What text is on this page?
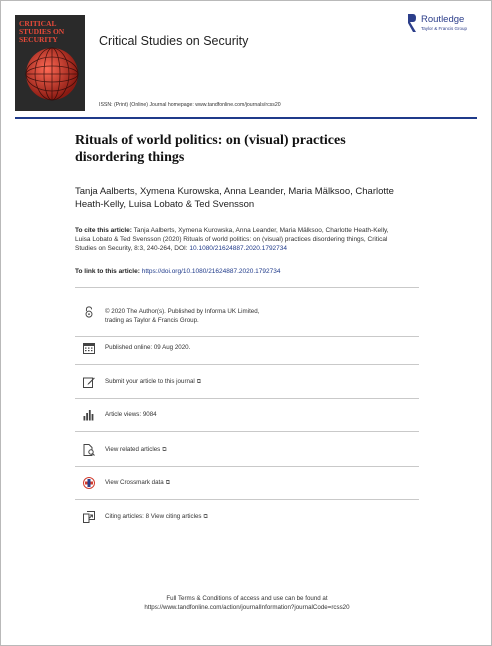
CRITICAL STUDIES ON SECURITY	Critical Studies on Security
Routledge
Taylor & Francis Group
ISSN: (Print) (Online) Journal homepage: www.tandfonline.com/journals/rcss20
Rituals of world politics: on (visual) practices disordering things
Tanja Aalberts, Xymena Kurowska, Anna Leander, Maria Mälksoo, Charlotte Heath-Kelly, Luisa Lobato & Ted Svensson
To cite this article: Tanja Aalberts, Xymena Kurowska, Anna Leander, Maria Mälksoo, Charlotte Heath-Kelly, Luisa Lobato & Ted Svensson (2020) Rituals of world politics: on (visual) practices disordering things, Critical Studies on Security, 8:3, 240-264, DOI: 10.1080/21624887.2020.1792734
To link to this article: https://doi.org/10.1080/21624887.2020.1792734
© 2020 The Author(s). Published by Informa UK Limited, trading as Taylor & Francis Group.
Published online: 09 Aug 2020.
Submit your article to this journal ⧉
Article views: 9084
View related articles ⧉
View Crossmark data ⧉
Citing articles: 8 View citing articles ⧉
Full Terms & Conditions of access and use can be found at
https://www.tandfonline.com/action/journalInformation?journalCode=rcss20
